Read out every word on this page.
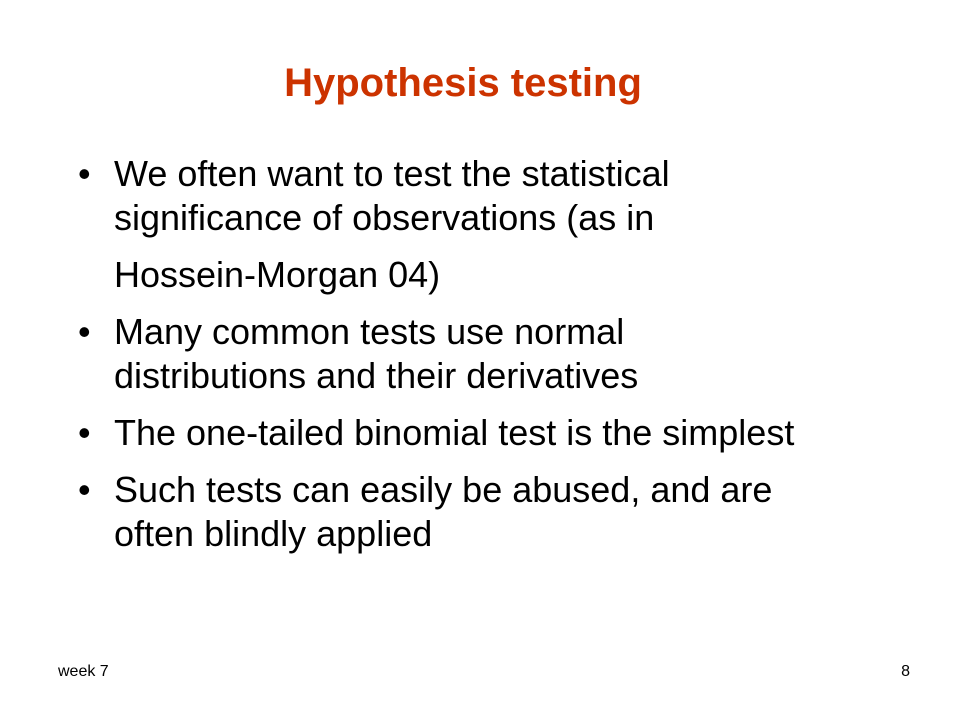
Hypothesis testing
• We often want to test the statistical
significance of observations (as in
Hossein-Morgan 04)
• Many common tests use normal
distributions and their derivatives
• The one-tailed binomial test is the simplest
• Such tests can easily be abused, and are
often blindly applied
week 7	8
